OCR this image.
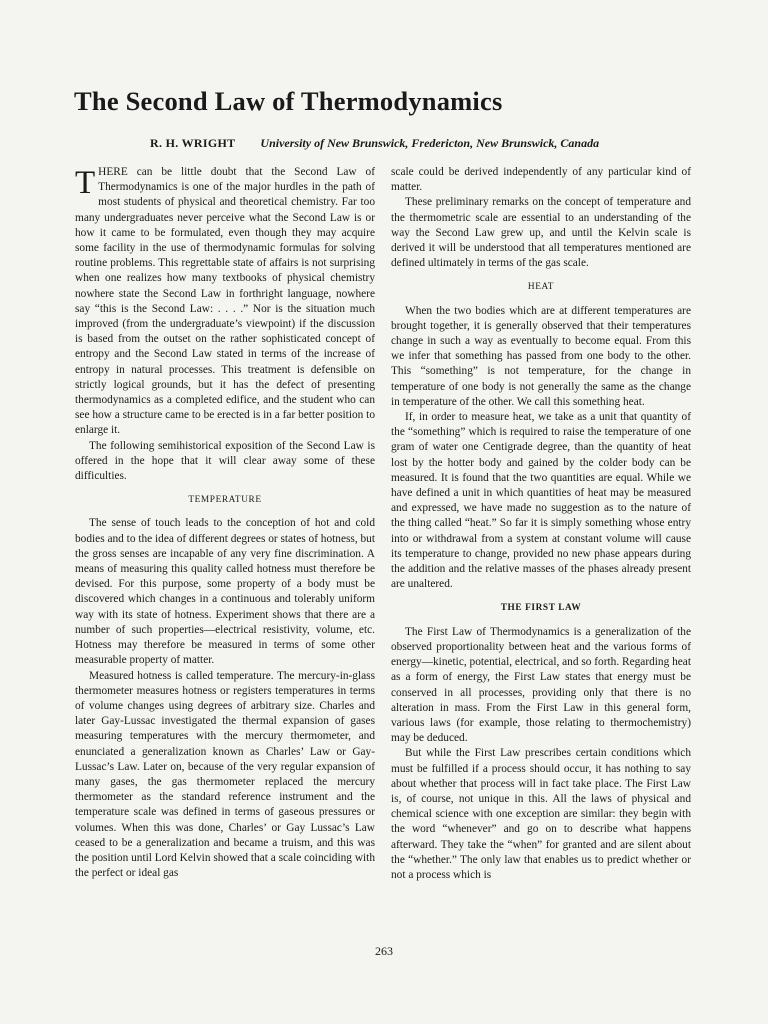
The Second Law of Thermodynamics
R. H. WRIGHT University of New Brunswick, Fredericton, New Brunswick, Canada

THERE can be little doubt that the Second Law of Thermodynamics is one of the major hurdles in the path of most students of physical and theoretical chemistry. Far too many undergraduates never perceive what the Second Law is or how it came to be formulated, even though they may acquire some facility in the use of thermodynamic formulas for solving routine problems. This regrettable state of affairs is not surprising when one realizes how many textbooks of physical chemistry nowhere state the Second Law in forthright language, nowhere say “this is the Second Law: . . . .” Nor is the situation much improved (from the undergraduate’s viewpoint) if the discussion is based from the outset on the rather sophisticated concept of entropy and the Second Law stated in terms of the increase of entropy in natural processes. This treatment is defensible on strictly logical grounds, but it has the defect of presenting thermodynamics as a completed edifice, and the student who can see how a structure came to be erected is in a far better position to enlarge it.

The following semihistorical exposition of the Second Law is offered in the hope that it will clear away some of these difficulties.

TEMPERATURE

The sense of touch leads to the conception of hot and cold bodies and to the idea of different degrees or states of hotness, but the gross senses are incapable of any very fine discrimination. A means of measuring this quality called hotness must therefore be devised. For this purpose, some property of a body must be discovered which changes in a continuous and tolerably uniform way with its state of hotness. Experiment shows that there are a number of such properties—electrical resistivity, volume, etc. Hotness may therefore be measured in terms of some other measurable property of matter.

Measured hotness is called temperature. The mercury-in-glass thermometer measures hotness or registers temperatures in terms of volume changes using degrees of arbitrary size. Charles and later Gay-Lussac investigated the thermal expansion of gases measuring temperatures with the mercury thermometer, and enunciated a generalization known as Charles’ Law or Gay-Lussac’s Law. Later on, because of the very regular expansion of many gases, the gas thermometer replaced the mercury thermometer as the standard reference instrument and the temperature scale was defined in terms of gaseous pressures or volumes. When this was done, Charles’ or Gay Lussac’s Law ceased to be a generalization and became a truism, and this was the position until Lord Kelvin showed that a scale coinciding with the perfect or ideal gas

scale could be derived independently of any particular kind of matter.

These preliminary remarks on the concept of temperature and the thermometric scale are essential to an understanding of the way the Second Law grew up, and until the Kelvin scale is derived it will be understood that all temperatures mentioned are defined ultimately in terms of the gas scale.

HEAT

When the two bodies which are at different temperatures are brought together, it is generally observed that their temperatures change in such a way as eventually to become equal. From this we infer that something has passed from one body to the other. This “something” is not temperature, for the change in temperature of one body is not generally the same as the change in temperature of the other. We call this something heat.

If, in order to measure heat, we take as a unit that quantity of the “something” which is required to raise the temperature of one gram of water one Centigrade degree, than the quantity of heat lost by the hotter body and gained by the colder body can be measured. It is found that the two quantities are equal. While we have defined a unit in which quantities of heat may be measured and expressed, we have made no suggestion as to the nature of the thing called “heat.” So far it is simply something whose entry into or withdrawal from a system at constant volume will cause its temperature to change, provided no new phase appears during the addition and the relative masses of the phases already present are unaltered.

THE FIRST LAW

The First Law of Thermodynamics is a generalization of the observed proportionality between heat and the various forms of energy—kinetic, potential, electrical, and so forth. Regarding heat as a form of energy, the First Law states that energy must be conserved in all processes, providing only that there is no alteration in mass. From the First Law in this general form, various laws (for example, those relating to thermochemistry) may be deduced.

But while the First Law prescribes certain conditions which must be fulfilled if a process should occur, it has nothing to say about whether that process will in fact take place. The First Law is, of course, not unique in this. All the laws of physical and chemical science with one exception are similar: they begin with the word “whenever” and go on to describe what happens afterward. They take the “when” for granted and are silent about the “whether.” The only law that enables us to predict whether or not a process which is

263
